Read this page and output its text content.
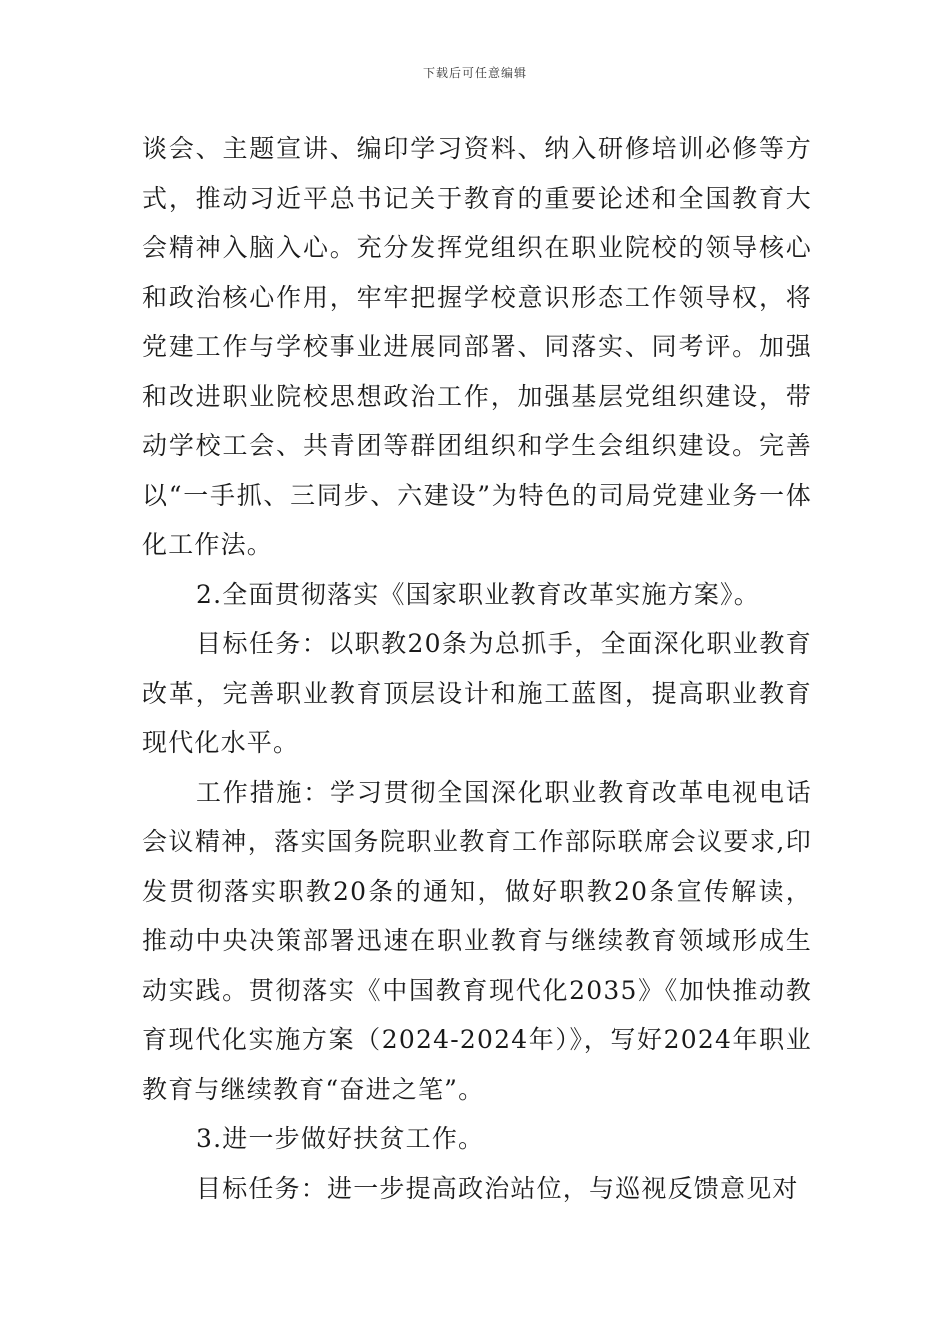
下载后可任意编辑

谈会、主题宣讲、编印学习资料、纳入研修培训必修等方式，推动习近平总书记关于教育的重要论述和全国教育大会精神入脑入心。充分发挥党组织在职业院校的领导核心和政治核心作用，牢牢把握学校意识形态工作领导权，将党建工作与学校事业进展同部署、同落实、同考评。加强和改进职业院校思想政治工作，加强基层党组织建设，带动学校工会、共青团等群团组织和学生会组织建设。完善以“一手抓、三同步、六建设”为特色的司局党建业务一体化工作法。

2.全面贯彻落实《国家职业教育改革实施方案》。

目标任务：以职教20条为总抓手，全面深化职业教育改革，完善职业教育顶层设计和施工蓝图，提高职业教育现代化水平。

工作措施：学习贯彻全国深化职业教育改革电视电话会议精神，落实国务院职业教育工作部际联席会议要求,印发贯彻落实职教20条的通知，做好职教20条宣传解读，推动中央决策部署迅速在职业教育与继续教育领域形成生动实践。贯彻落实《中国教育现代化2035》《加快推动教育现代化实施方案（2024-2024年）》，写好2024年职业教育与继续教育“奋进之笔”。

3.进一步做好扶贫工作。

目标任务：进一步提高政治站位，与巡视反馈意见对
